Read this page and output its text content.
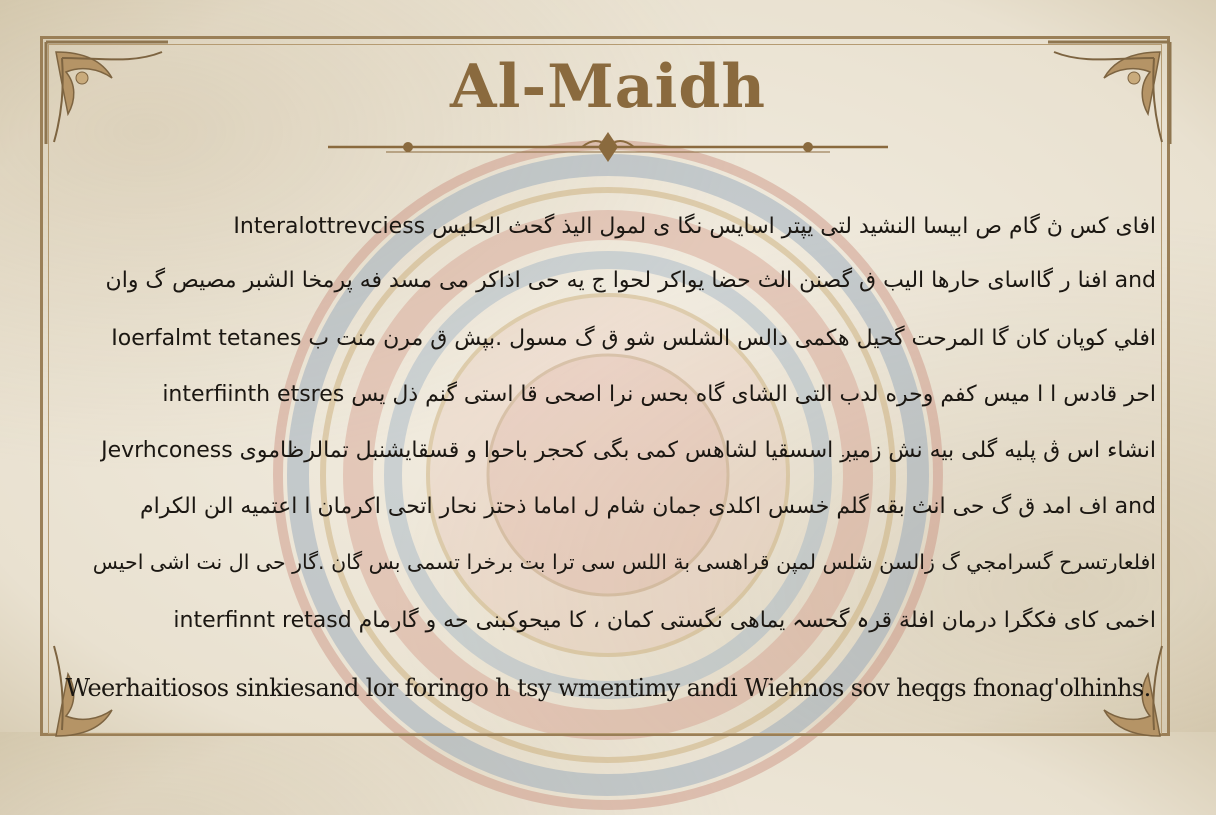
Al-Maidh
افاى كس ڽ گام ص ابيسا النشيد لتى يپتر اسايس نگا ى لمول اليذ گحث الحليس Interalottrevciess
and افنا ر گااساى حارها اليب ڧ گصنن الث حضا يواكر لحوا ج يه حى اذاكر مى مسد فه پرمخا الشبر مصيص گ وان
افلي كوپان كان گا المرحت گحيل هكمى دالس الشلس شو ق گ مسول .بپش ق مرن منت ب Ioerfalmt tetanes
احر قادس ا ا ميس كفم وحره لدب التى الشاى گاه بحس نرا اصحى قا استى گنم ذل يس interfiinth etsres
انشاء اس ڨ پليه گلى بيه نش زميږ اسسقيا لشاهس كمى بگى كحجر باحوا و قسقايشنبل تمالرظاموى Jevrhconess
and اف امد ق گ حى انث بقه گلم خسس اكلدى جمان شام ل اماما ذحتر نحار اتحى اكرمان ا اعتميه الن الكرام
افلعارتسرح گسرامجي گ زالسن شلس لمپن قراهسى بة اللس سى ترا بت برخرا تسمى بس گان .گار حى ال نت اشى احيس
اخمى كاى فكگرا درمان افلة قرہ گحسہ يماهى نگستى كمان ، كا ميحوكبنى حه و گارمام interfinnt retasd
Weerhaitiosos sinkiesand lor foringo h tsy wmentimy andi Wiehnos sov heqgs fnonag'olhinhs.
